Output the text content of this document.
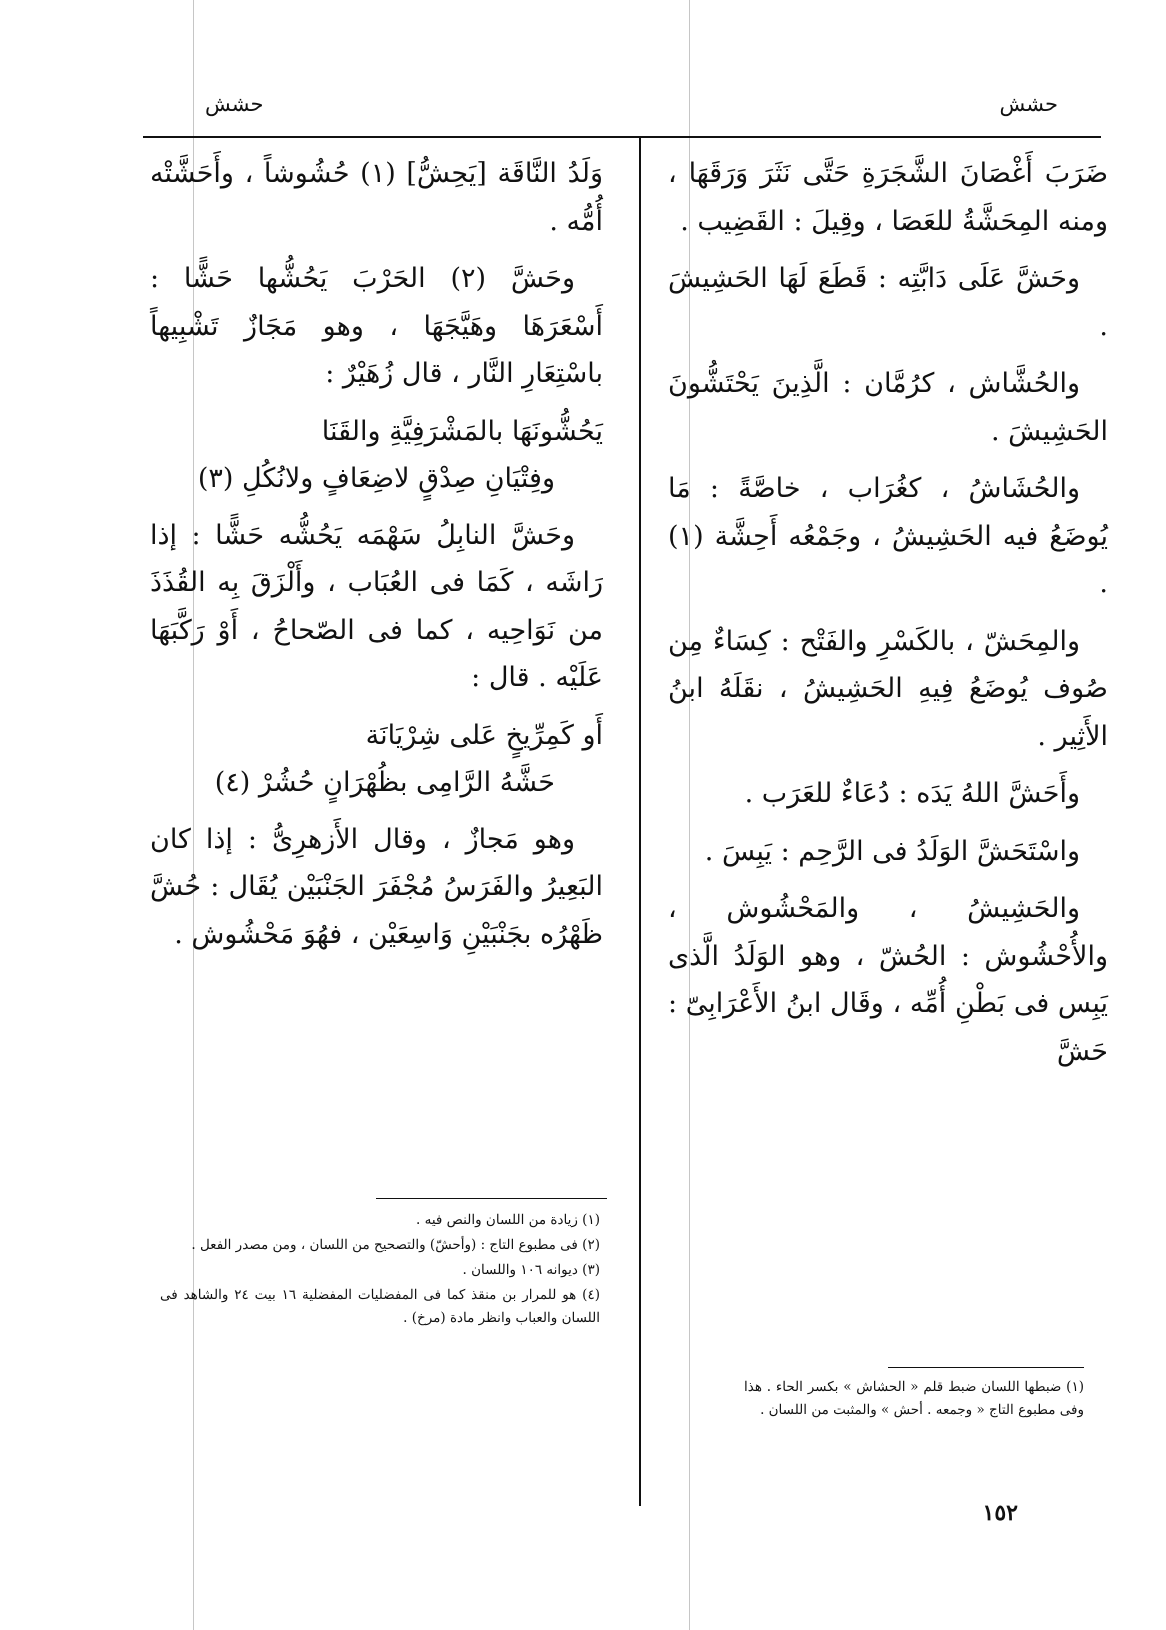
حشش
حشش

ضَرَبَ أَغْصَانَ الشَّجَرَةِ حَتَّى نَثَرَ وَرَقَهَا ، ومنه المِحَشَّةُ للعَصَا ، وقِيلَ : القَضِيب .

وحَشَّ عَلَى دَابَّتِه : قَطَعَ لَهَا الحَشِيشَ .

والحُشَّاش ، كرُمَّان : الَّذِينَ يَحْتَشُّونَ الحَشِيشَ .

والحُشَاشُ ، كغُرَاب ، خاصَّةً : مَا يُوضَعُ فيه الحَشِيشُ ، وجَمْعُه أَحِشَّة (١) .

والمِحَشّ ، بالكَسْرِ والفَتْح : كِسَاءٌ مِن صُوف يُوضَعُ فِيهِ الحَشِيشُ ، نقَلَهُ ابنُ الأَثِير .

وأَحَشَّ اللهُ يَدَه : دُعَاءٌ للعَرَب .

واسْتَحَشَّ الوَلَدُ فى الرَّحِم : يَبِسَ .

والحَشِيشُ ، والمَحْشُوش ، والأُحْشُوش : الحُشّ ، وهو الوَلَدُ الَّذى يَبِس فى بَطْنِ أُمِّه ، وقَال ابنُ الأَعْرَابِىّ : حَشَّ

وَلَدُ النَّاقَة [يَحِشُّ] (١) حُشُوشاً ، وأَحَشَّتْه أُمُّه .

وحَشَّ (٢) الحَرْبَ يَحُشُّها حَشًّا : أَسْعَرَهَا وهَيَّجَهَا ، وهو مَجَازٌ تَشْبِيهاً باسْتِعَارِ النَّار ، قال زُهَيْرٌ :

يَحُشُّونَهَا بالمَشْرَفِيَّةِ والقَنَا
وفِتْيَانِ صِدْقٍ لاضِعَافٍ ولانُكُلِ (٣)

وحَشَّ النابِلُ سَهْمَه يَحُشُّه حَشًّا : إذا رَاشَه ، كَمَا فى العُبَاب ، وأَلْزَقَ بِه القُذَذَ من نَوَاحِيه ، كما فى الصّحاحُ ، أَوْ رَكَّبَهَا عَلَيْه . قال :

أَو كَمِرِّيخٍ عَلى شِرْيَانَة
حَشَّهُ الرَّامِى بظُهْرَانٍ حُشُرْ (٤)

وهو مَجازٌ ، وقال الأَزهرِىُّ : إذا كان البَعِيرُ والفَرَسُ مُجْفَرَ الجَنْبَيْن يُقَال : حُشَّ ظَهْرُه بجَنْبَيْنِ وَاسِعَيْن ، فهُوَ مَحْشُوش .

(١) زيادة من اللسان والنص فيه .

(٢) فى مطبوع التاج : (وأحشّ) والتصحيح من اللسان ، ومن مصدر الفعل .

(٣) ديوانه ١٠٦ واللسان .

(٤) هو للمرار بن منقذ كما فى المفضليات المفضلية ١٦ بيت ٢٤ والشاهد فى اللسان والعباب وانظر مادة (مرخ) .

(١) ضبطها اللسان ضبط قلم « الحشاش » بكسر الحاء . هذا وفى مطبوع التاج « وجمعه . أحش » والمثبت من اللسان .

١٥٢
